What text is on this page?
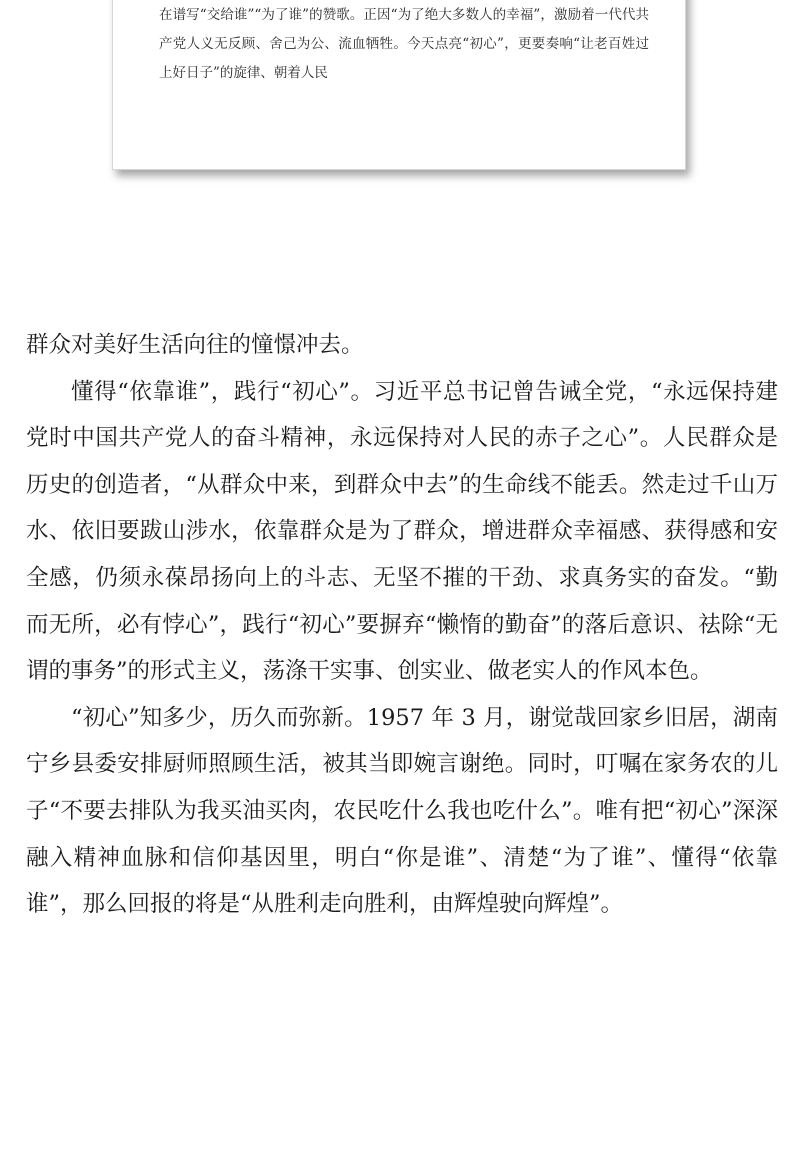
在谱写“交给谁”“为了谁”的赞歌。正因“为了绝大多数人的幸福”，激励着一代代共产党人义无反顾、舍己为公、流血牺牲。今天点亮“初心”，更要奏响“让老百姓过上好日子”的旋律、朝着人民

群众对美好生活向往的憧憬冲去。

懂得“依靠谁”，践行“初心”。习近平总书记曾告诫全党，“永远保持建党时中国共产党人的奋斗精神，永远保持对人民的赤子之心”。人民群众是历史的创造者，“从群众中来，到群众中去”的生命线不能丢。然走过千山万水、依旧要跋山涉水，依靠群众是为了群众，增进群众幸福感、获得感和安全感，仍须永葆昂扬向上的斗志、无坚不摧的干劲、求真务实的奋发。“勤而无所，必有悖心”，践行“初心”要摒弃“懒惰的勤奋”的落后意识、祛除“无谓的事务”的形式主义，荡涤干实事、创实业、做老实人的作风本色。

“初心”知多少，历久而弥新。1957 年 3 月，谢觉哉回家乡旧居，湖南宁乡县委安排厨师照顾生活，被其当即婉言谢绝。同时，叮嘱在家务农的儿子“不要去排队为我买油买肉，农民吃什么我也吃什么”。唯有把“初心”深深融入精神血脉和信仰基因里，明白“你是谁”、清楚“为了谁”、懂得“依靠谁”，那么回报的将是“从胜利走向胜利，由辉煌驶向辉煌”。
